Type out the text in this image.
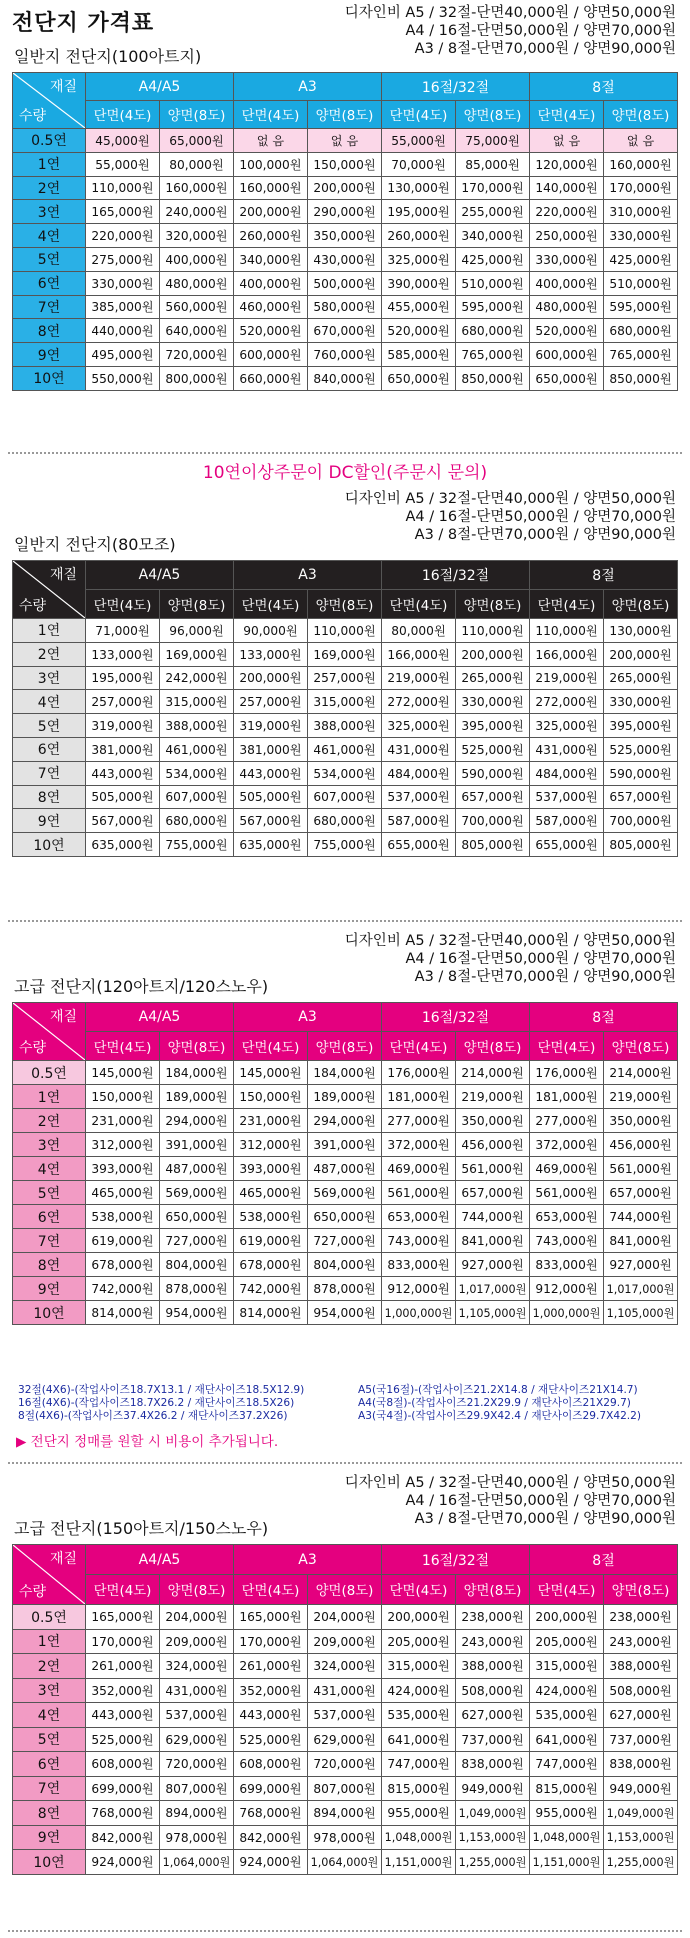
전단지 가격표	디자인비 A5 / 32절-단면40,000원 / 양면50,000원
A4 / 16절-단면50,000원 / 양면70,000원
A3 / 8절-단면70,000원 / 양면90,000원
일반지 전단지(100아트지)
재질
수량	A4/A5		A3		16절/32절		8절	
	단면(4도)	양면(8도)	단면(4도)	양면(8도)	단면(4도)	양면(8도)	단면(4도)	양면(8도)
0.5연	45,000원	65,000원	없 음	없 음	55,000원	75,000원	없 음	없 음
1연	55,000원	80,000원	100,000원	150,000원	70,000원	85,000원	120,000원	160,000원
2연	110,000원	160,000원	160,000원	200,000원	130,000원	170,000원	140,000원	170,000원
3연	165,000원	240,000원	200,000원	290,000원	195,000원	255,000원	220,000원	310,000원
4연	220,000원	320,000원	260,000원	350,000원	260,000원	340,000원	250,000원	330,000원
5연	275,000원	400,000원	340,000원	430,000원	325,000원	425,000원	330,000원	425,000원
6연	330,000원	480,000원	400,000원	500,000원	390,000원	510,000원	400,000원	510,000원
7연	385,000원	560,000원	460,000원	580,000원	455,000원	595,000원	480,000원	595,000원
8연	440,000원	640,000원	520,000원	670,000원	520,000원	680,000원	520,000원	680,000원
9연	495,000원	720,000원	600,000원	760,000원	585,000원	765,000원	600,000원	765,000원
10연	550,000원	800,000원	660,000원	840,000원	650,000원	850,000원	650,000원	850,000원
10연이상주문이 DC할인(주문시 문의)
디자인비 A5 / 32절-단면40,000원 / 양면50,000원
A4 / 16절-단면50,000원 / 양면70,000원
A3 / 8절-단면70,000원 / 양면90,000원
일반지 전단지(80모조)
재질
수량	A4/A5		A3		16절/32절		8절	
	단면(4도)	양면(8도)	단면(4도)	양면(8도)	단면(4도)	양면(8도)	단면(4도)	양면(8도)
1연	71,000원	96,000원	90,000원	110,000원	80,000원	110,000원	110,000원	130,000원
2연	133,000원	169,000원	133,000원	169,000원	166,000원	200,000원	166,000원	200,000원
3연	195,000원	242,000원	200,000원	257,000원	219,000원	265,000원	219,000원	265,000원
4연	257,000원	315,000원	257,000원	315,000원	272,000원	330,000원	272,000원	330,000원
5연	319,000원	388,000원	319,000원	388,000원	325,000원	395,000원	325,000원	395,000원
6연	381,000원	461,000원	381,000원	461,000원	431,000원	525,000원	431,000원	525,000원
7연	443,000원	534,000원	443,000원	534,000원	484,000원	590,000원	484,000원	590,000원
8연	505,000원	607,000원	505,000원	607,000원	537,000원	657,000원	537,000원	657,000원
9연	567,000원	680,000원	567,000원	680,000원	587,000원	700,000원	587,000원	700,000원
10연	635,000원	755,000원	635,000원	755,000원	655,000원	805,000원	655,000원	805,000원
디자인비 A5 / 32절-단면40,000원 / 양면50,000원
A4 / 16절-단면50,000원 / 양면70,000원
A3 / 8절-단면70,000원 / 양면90,000원
고급 전단지(120아트지/120스노우)
재질
수량	A4/A5		A3		16절/32절		8절	
	단면(4도)	양면(8도)	단면(4도)	양면(8도)	단면(4도)	양면(8도)	단면(4도)	양면(8도)
0.5연	145,000원	184,000원	145,000원	184,000원	176,000원	214,000원	176,000원	214,000원
1연	150,000원	189,000원	150,000원	189,000원	181,000원	219,000원	181,000원	219,000원
2연	231,000원	294,000원	231,000원	294,000원	277,000원	350,000원	277,000원	350,000원
3연	312,000원	391,000원	312,000원	391,000원	372,000원	456,000원	372,000원	456,000원
4연	393,000원	487,000원	393,000원	487,000원	469,000원	561,000원	469,000원	561,000원
5연	465,000원	569,000원	465,000원	569,000원	561,000원	657,000원	561,000원	657,000원
6연	538,000원	650,000원	538,000원	650,000원	653,000원	744,000원	653,000원	744,000원
7연	619,000원	727,000원	619,000원	727,000원	743,000원	841,000원	743,000원	841,000원
8연	678,000원	804,000원	678,000원	804,000원	833,000원	927,000원	833,000원	927,000원
9연	742,000원	878,000원	742,000원	878,000원	912,000원	1,017,000원	912,000원	1,017,000원
10연	814,000원	954,000원	814,000원	954,000원	1,000,000원	1,105,000원	1,000,000원	1,105,000원
32절(4X6)-(작업사이즈18.7X13.1 / 재단사이즈18.5X12.9)
16절(4X6)-(작업사이즈18.7X26.2 / 재단사이즈18.5X26)
8절(4X6)-(작업사이즈37.4X26.2 / 재단사이즈37.2X26)
A5(국16절)-(작업사이즈21.2X14.8 / 재단사이즈21X14.7)
A4(국8절)-(작업사이즈21.2X29.9 / 재단사이즈21X29.7)
A3(국4절)-(작업사이즈29.9X42.4 / 재단사이즈29.7X42.2)
▶ 전단지 정매를 원할 시 비용이 추가됩니다.
디자인비 A5 / 32절-단면40,000원 / 양면50,000원
A4 / 16절-단면50,000원 / 양면70,000원
A3 / 8절-단면70,000원 / 양면90,000원
고급 전단지(150아트지/150스노우)
재질
수량	A4/A5		A3		16절/32절		8절	
	단면(4도)	양면(8도)	단면(4도)	양면(8도)	단면(4도)	양면(8도)	단면(4도)	양면(8도)
0.5연	165,000원	204,000원	165,000원	204,000원	200,000원	238,000원	200,000원	238,000원
1연	170,000원	209,000원	170,000원	209,000원	205,000원	243,000원	205,000원	243,000원
2연	261,000원	324,000원	261,000원	324,000원	315,000원	388,000원	315,000원	388,000원
3연	352,000원	431,000원	352,000원	431,000원	424,000원	508,000원	424,000원	508,000원
4연	443,000원	537,000원	443,000원	537,000원	535,000원	627,000원	535,000원	627,000원
5연	525,000원	629,000원	525,000원	629,000원	641,000원	737,000원	641,000원	737,000원
6연	608,000원	720,000원	608,000원	720,000원	747,000원	838,000원	747,000원	838,000원
7연	699,000원	807,000원	699,000원	807,000원	815,000원	949,000원	815,000원	949,000원
8연	768,000원	894,000원	768,000원	894,000원	955,000원	1,049,000원	955,000원	1,049,000원
9연	842,000원	978,000원	842,000원	978,000원	1,048,000원	1,153,000원	1,048,000원	1,153,000원
10연	924,000원	1,064,000원	924,000원	1,064,000원	1,151,000원	1,255,000원	1,151,000원	1,255,000원
